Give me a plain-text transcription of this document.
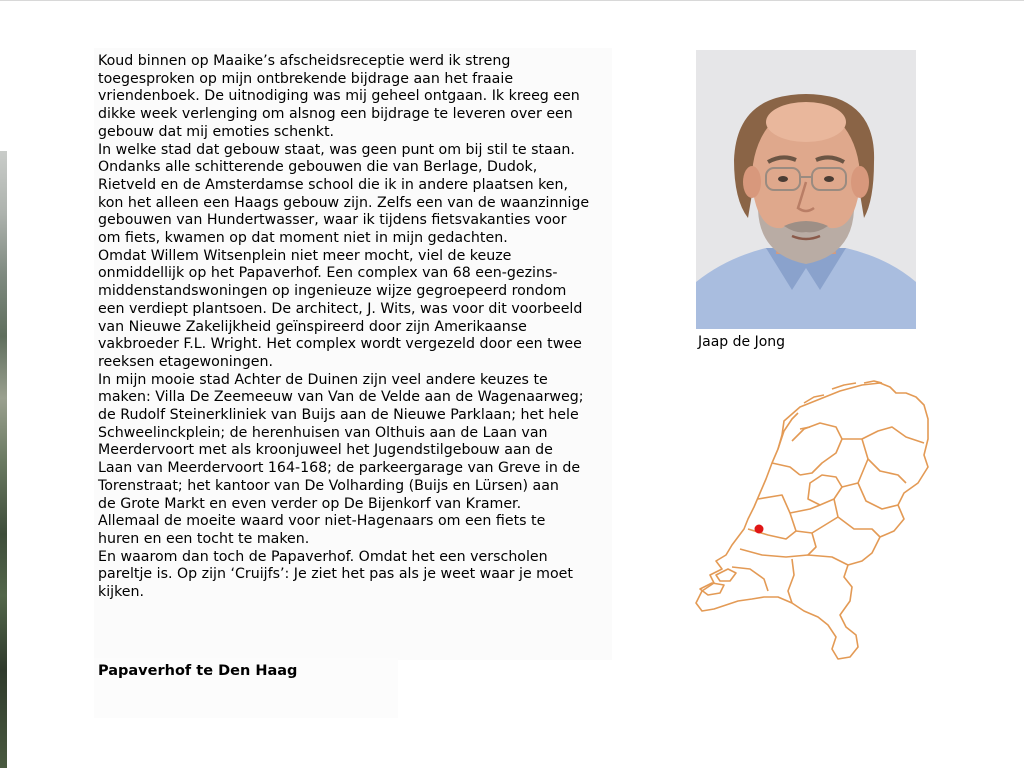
Koud binnen op Maaike’s afscheidsreceptie werd ik streng
toegesproken op mijn ontbrekende bijdrage aan het fraaie
vriendenboek. De uitnodiging was mij geheel ontgaan. Ik kreeg een
dikke week verlenging om alsnog een bijdrage te leveren over een
gebouw dat mij emoties schenkt.
In welke stad dat gebouw staat, was geen punt om bij stil te staan.
Ondanks alle schitterende gebouwen die van Berlage, Dudok,
Rietveld en de Amsterdamse school die ik in andere plaatsen ken,
kon het alleen een Haags gebouw zijn. Zelfs een van de waanzinnige
gebouwen van Hundertwasser, waar ik tijdens fietsvakanties voor
om fiets, kwamen op dat moment niet in mijn gedachten.
Omdat Willem Witsenplein niet meer mocht, viel de keuze
onmiddellijk op het Papaverhof. Een complex van 68 een-gezins-
middenstandswoningen op ingenieuze wijze gegroepeerd rondom
een verdiept plantsoen. De architect, J. Wits, was voor dit voorbeeld
van Nieuwe Zakelijkheid geïnspireerd door zijn Amerikaanse
vakbroeder F.L. Wright. Het complex wordt vergezeld door een twee
reeksen etagewoningen.
In mijn mooie stad Achter de Duinen zijn veel andere keuzes te
maken: Villa De Zeemeeuw van Van de Velde aan de Wagenaarweg;
de Rudolf Steinerkliniek van Buijs aan de Nieuwe Parklaan; het hele
Schweelinckplein; de herenhuisen van Olthuis aan de Laan van
Meerdervoort met als kroonjuweel het Jugendstilgebouw aan de
Laan van Meerdervoort 164-168; de parkeergarage van Greve in de
Torenstraat; het kantoor van De Volharding (Buijs en Lürsen) aan
de Grote Markt en even verder op De Bijenkorf van Kramer.
Allemaal de moeite waard voor niet-Hagenaars om een fiets te
huren en een tocht te maken.
En waarom dan toch de Papaverhof. Omdat het een verscholen
pareltje is. Op zijn ‘Cruijfs’: Je ziet het pas als je weet waar je moet
kijken.

Papaverhof te Den Haag
Jaap de Jong
